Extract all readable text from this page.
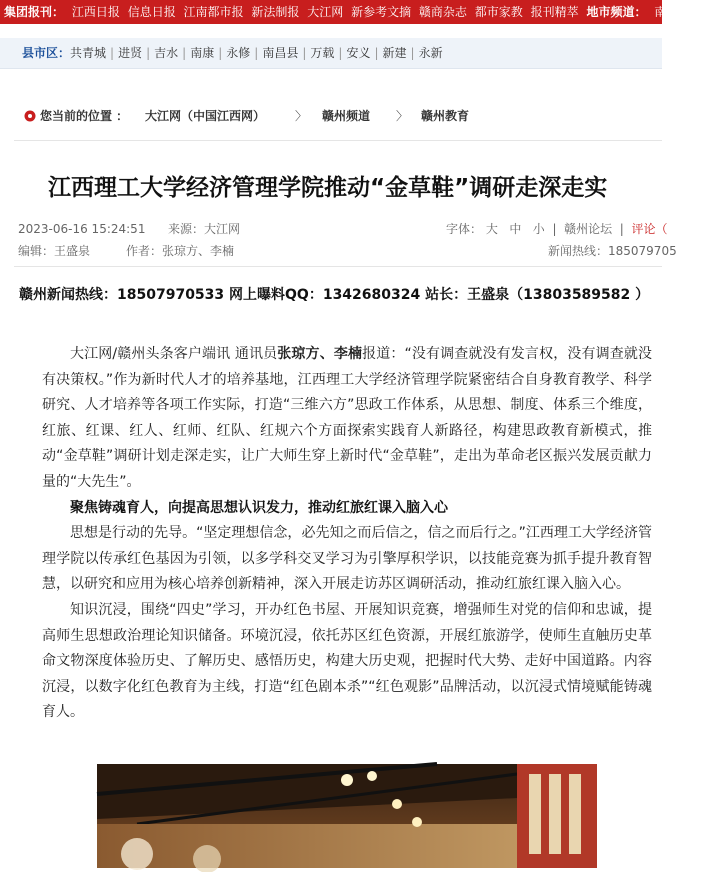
集团报刊： 江西日报 信息日报 江南都市报 新法制报 大江网 新参考文摘 赣商杂志 都市家教 报刊精萃 地市频道： 南昌 九江
县市区：共青城 | 进贤 | 吉水 | 南康 | 永修 | 南昌县 | 万载 | 安义 | 新建 | 永新
您当前的位置 ： 大江网（中国江西网） 〉 赣州频道 〉 赣州教育
江西理工大学经济管理学院推动“金草鞋”调研走深走实
2023-06-16 15:24:51 来源：大江网	字体： 大 中 小  |  赣州论坛  |  评论（
编辑：王盛泉	作者：张琼方、李楠	新闻热线：185079705
赣州新闻热线：18507970533 网上曝料QQ：1342680324 站长：王盛泉（13803589582 ）

大江网/赣州头条客户端讯 通讯员张琼方、李楠报道：“没有调查就没有发言权，没有调查就没有决策权。”作为新时代人才的培养基地，江西理工大学经济管理学院紧密结合自身教育教学、科学研究、人才培养等各项工作实际，打造“三维六方”思政工作体系，从思想、制度、体系三个维度，红旅、红课、红人、红师、红队、红规六个方面探索实践育人新路径，构建思政教育新模式，推动“金草鞋”调研计划走深走实，让广大师生穿上新时代“金草鞋”，走出为革命老区振兴发展贡献力量的“大先生”。

聚焦铸魂育人，向提高思想认识发力，推动红旅红课入脑入心

思想是行动的先导。“坚定理想信念，必先知之而后信之，信之而后行之。”江西理工大学经济管理学院以传承红色基因为引领，以多学科交叉学习为引擎厚积学识，以技能竞赛为抓手提升教育智慧，以研究和应用为核心培养创新精神，深入开展走访苏区调研活动，推动红旅红课入脑入心。

知识沉浸，围绕“四史”学习，开办红色书屋、开展知识竞赛，增强师生对党的信仰和忠诚，提高师生思想政治理论知识储备。环境沉浸，依托苏区红色资源，开展红旅游学，使师生直触历史革命文物深度体验历史、了解历史、感悟历史，构建大历史观，把握时代大势、走好中国道路。内容沉浸，以数字化红色教育为主线，打造“红色剧本杀”“红色观影”品牌活动，以沉浸式情境赋能铸魂育人。
